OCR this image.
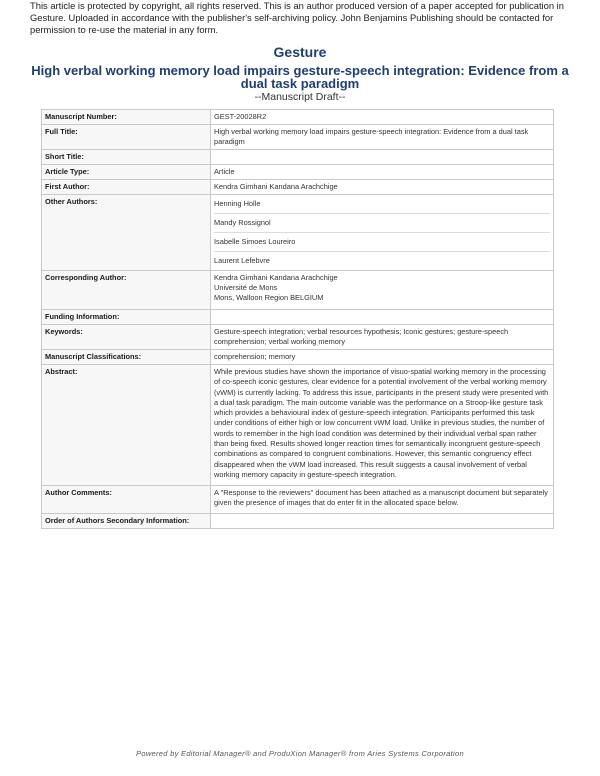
This article is protected by copyright, all rights reserved. This is an author produced version of a paper accepted for publication in Gesture. Uploaded in accordance with the publisher's self-archiving policy. John Benjamins Publishing should be contacted for permission to re-use the material in any form.
Gesture
High verbal working memory load impairs gesture-speech integration: Evidence from a dual task paradigm
--Manuscript Draft--
Manuscript Number:	GEST-20028R2
Full Title:	High verbal working memory load impairs gesture-speech integration: Evidence from a dual task paradigm
Short Title:	
Article Type:	Article
First Author:	Kendra Gimhani Kandana Arachchige
Other Authors:	Henning Holle
Mandy Rossignol
Isabelle Simoes Loureiro
Laurent Lefebvre

Corresponding Author:	Kendra Gimhani Kandana Arachchige
Université de Mons
Mons, Walloon Region BELGIUM

Funding Information:	
Keywords:	Gesture-speech integration; verbal resources hypothesis; Iconic gestures; gesture-speech comprehension; verbal working memory
Manuscript Classifications:	comprehension; memory
Abstract:	While previous studies have shown the importance of visuo-spatial working memory in the processing of co-speech iconic gestures, clear evidence for a potential involvement of the verbal working memory (vWM) is currently lacking. To address this issue, participants in the present study were presented with a dual task paradigm. The main outcome variable was the performance on a Stroop-like gesture task which provides a behavioural index of gesture-speech integration. Participants performed this task under conditions of either high or low concurrent vWM load. Unlike in previous studies, the number of words to remember in the high load condition was determined by their individual verbal span rather than being fixed. Results showed longer reaction times for semantically incongruent gesture-speech combinations as compared to congruent combinations. However, this semantic congruency effect disappeared when the vWM load increased. This result suggests a causal involvement of verbal working memory capacity in gesture-speech integration.
Author Comments:	A "Response to the reviewers" document has been attached as a manuscript document but separately given the presence of images that do enter fit in the allocated space below.
Order of Authors Secondary Information:	
Powered by Editorial Manager® and ProduXion Manager® from Aries Systems Corporation
